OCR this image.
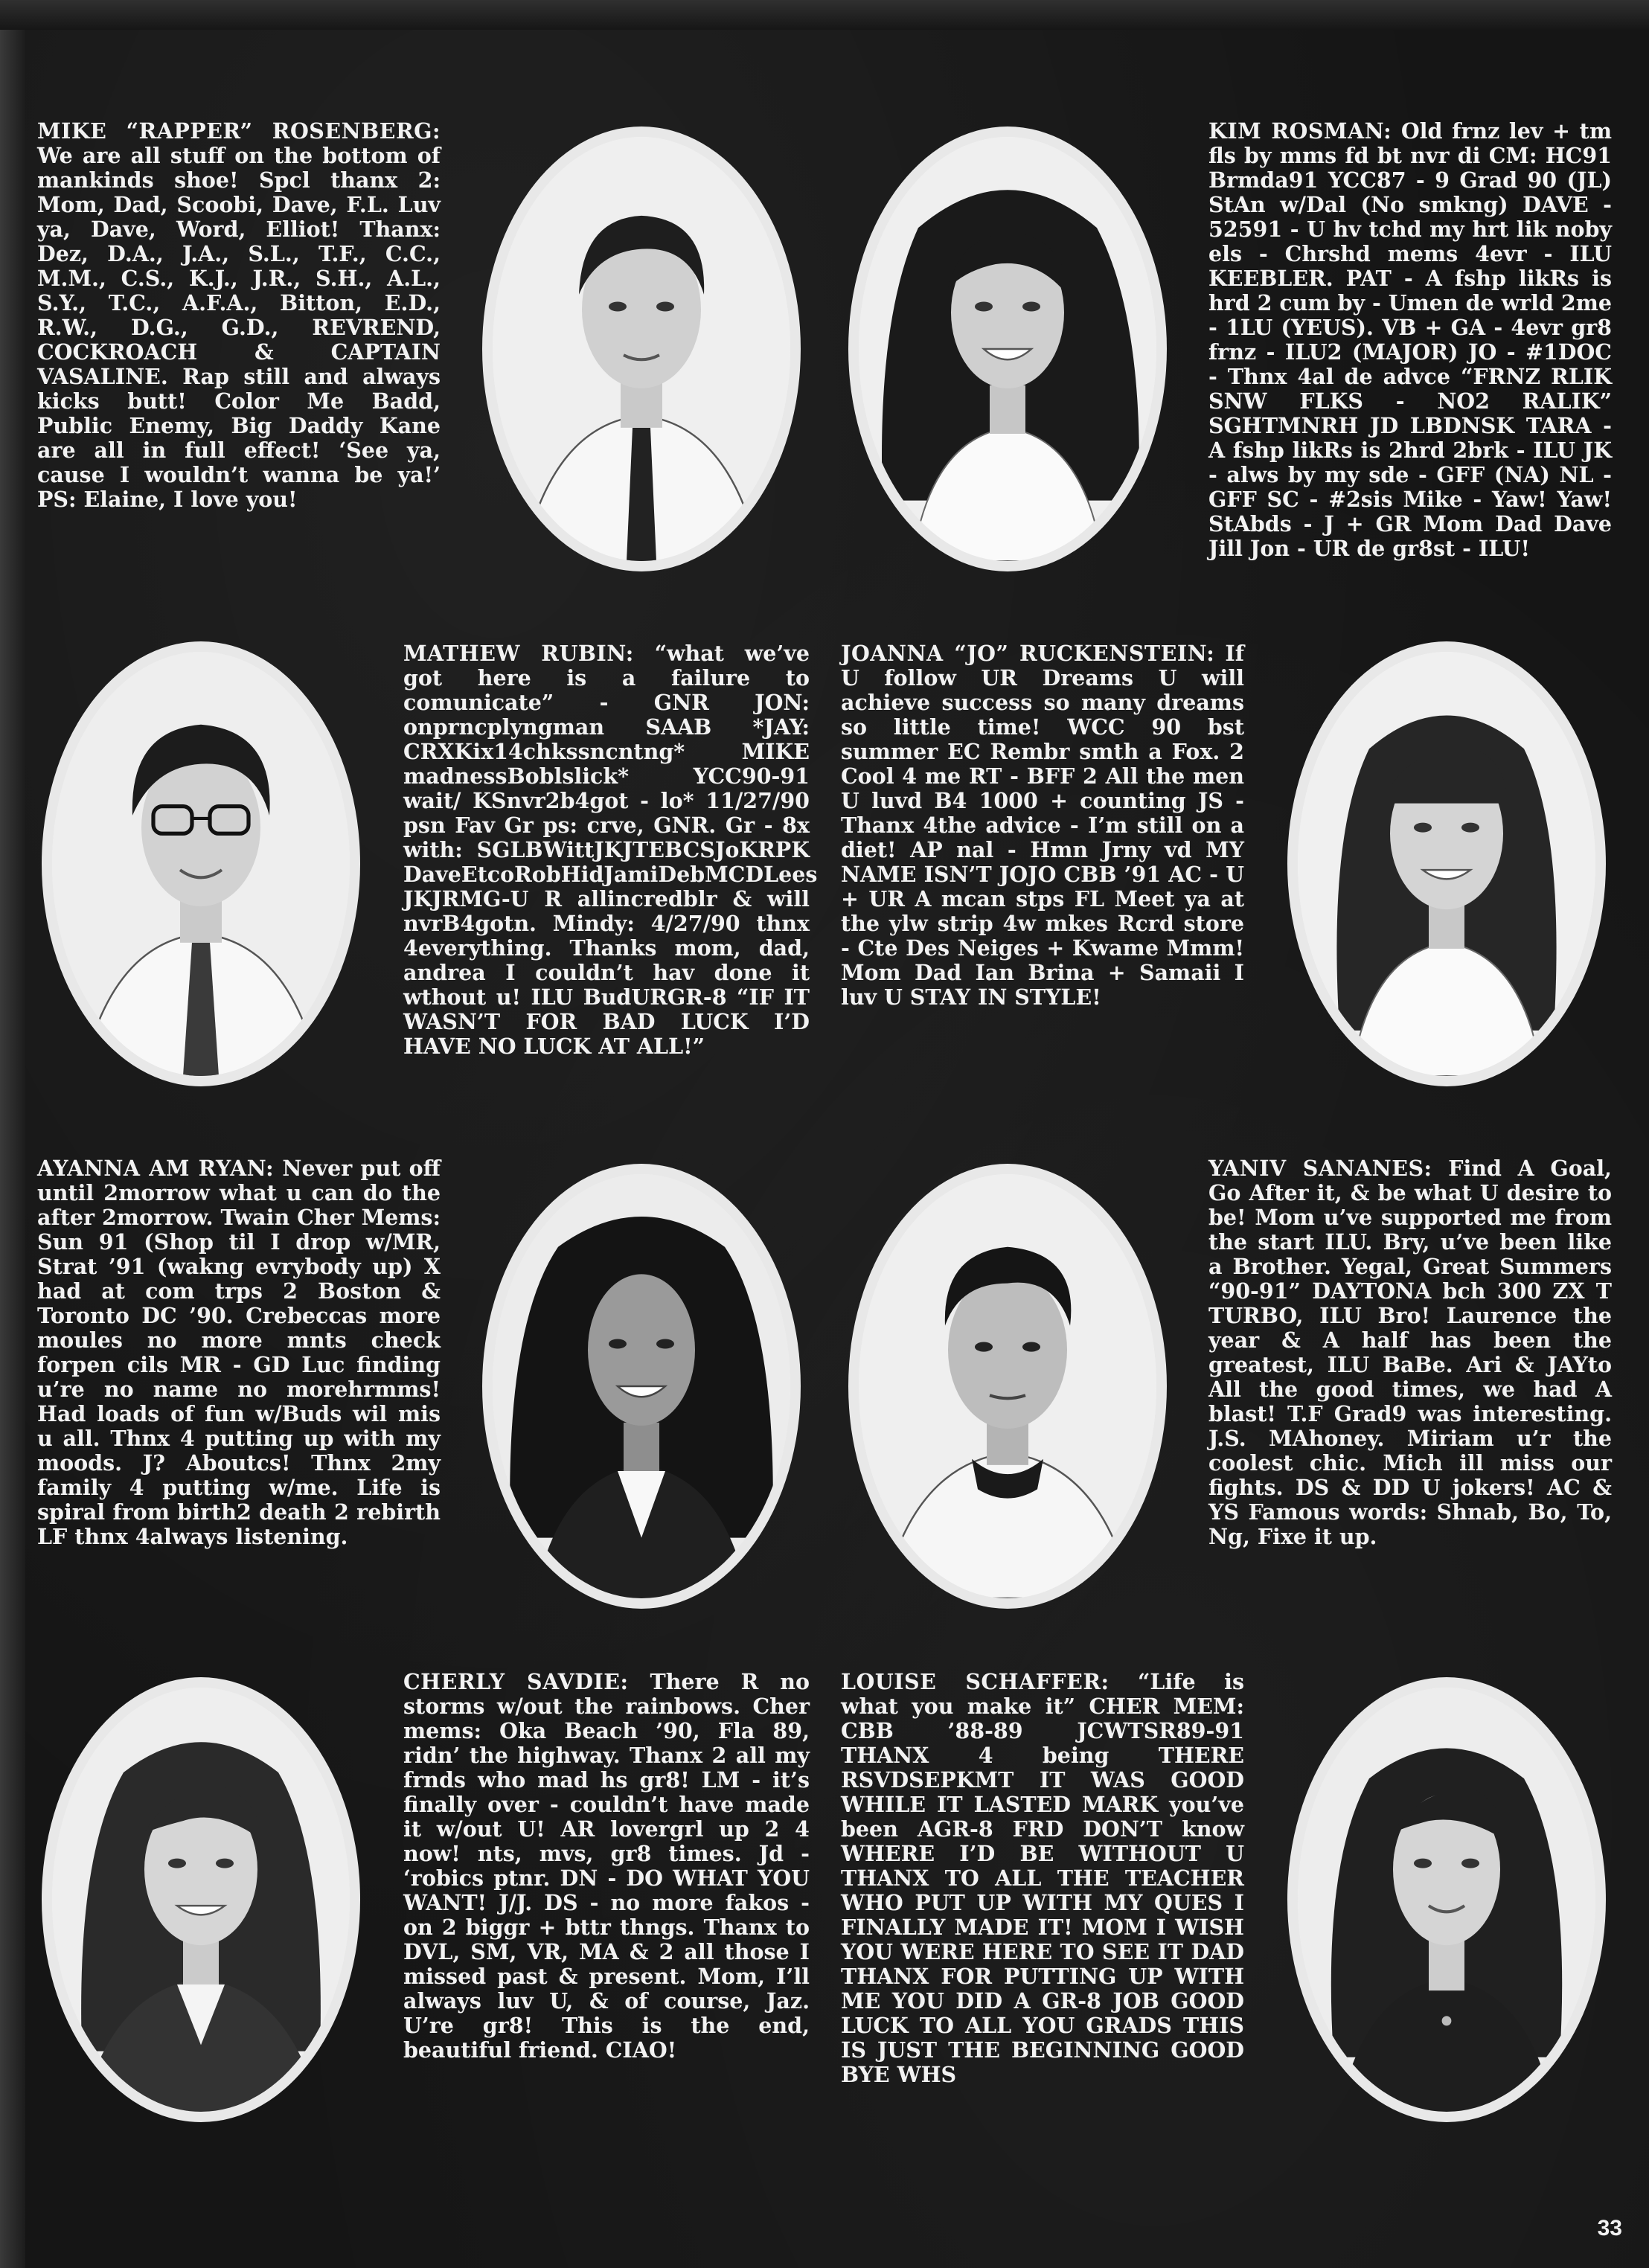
MIKE “RAPPER” ROSENBERG: We are all stuff on the bottom of mankinds shoe! Spcl thanx 2: Mom, Dad, Scoobi, Dave, F.L. Luv ya, Dave, Word, Elliot! Thanx: Dez, D.A., J.A., S.L., T.F., C.C., M.M., C.S., K.J., J.R., S.H., A.L., S.Y., T.C., A.F.A., Bitton, E.D., R.W., D.G., G.D., REVREND, COCKROACH & CAPTAIN VASALINE. Rap still and always kicks butt! Color Me Badd, Public Enemy, Big Daddy Kane are all in full effect! ‘See ya, cause I wouldn’t wanna be ya!’ PS: Elaine, I love you!

KIM ROSMAN: Old frnz lev + tm fls by mms fd bt nvr di CM: HC91 Brmda91 YCC87 - 9 Grad 90 (JL) StAn w/Dal (No smkng) DAVE - 52591 - U hv tchd my hrt lik noby els - Chrshd mems 4evr - ILU KEEBLER. PAT - A fshp likRs is hrd 2 cum by - Umen de wrld 2me - 1LU (YEUS). VB + GA - 4evr gr8 frnz - ILU2 (MAJOR) JO - #1DOC - Thnx 4al de advce “FRNZ RLIK SNW FLKS - NO2 RALIK” SGHTMNRH JD LBDNSK TARA - A fshp likRs is 2hrd 2brk - ILU JK - alws by my sde - GFF (NA) NL - GFF SC - #2sis Mike - Yaw! Yaw! StAbds - J + GR Mom Dad Dave Jill Jon - UR de gr8st - ILU!

MATHEW RUBIN: “what we’ve got here is a failure to comunicate” - GNR JON: onprncplyngman SAAB *JAY: CRXKix14chkssncntng* MIKE madnessBoblslick* YCC90-91 wait/ KSnvr2b4got - lo* 11/27/90 psn Fav Gr ps: crve, GNR. Gr - 8x with: SGLBWittJKJTEBCSJoKRPK DaveEtcoRobHidJamiDebMCDLees JKJRMG-U R allincredblr & will nvrB4gotn. Mindy: 4/27/90 thnx 4everything. Thanks mom, dad, andrea I couldn’t hav done it wthout u! ILU BudURGR-8 “IF IT WASN’T FOR BAD LUCK I’D HAVE NO LUCK AT ALL!”

JOANNA “JO” RUCKENSTEIN: If U follow UR Dreams U will achieve success so many dreams so little time! WCC 90 bst summer EC Rembr smth a Fox. 2 Cool 4 me RT - BFF 2 All the men U luvd B4 1000 + counting JS - Thanx 4the advice - I’m still on a diet! AP nal - Hmn Jrny vd MY NAME ISN’T JOJO CBB ’91 AC - U + UR A mcan stps FL Meet ya at the ylw strip 4w mkes Rcrd store - Cte Des Neiges + Kwame Mmm! Mom Dad Ian Brina + Samaii I luv U STAY IN STYLE!

AYANNA AM RYAN: Never put off until 2morrow what u can do the after 2morrow. Twain Cher Mems: Sun 91 (Shop til I drop w/MR, Strat ’91 (wakng evrybody up) X had at com trps 2 Boston & Toronto DC ’90. Crebeccas more moules no more mnts check forpen cils MR - GD Luc finding u’re no name no morehrmms! Had loads of fun w/Buds wil mis u all. Thnx 4 putting up with my moods. J? Aboutcs! Thnx 2my family 4 putting w/me. Life is spiral from birth2 death 2 rebirth LF thnx 4always listening.

YANIV SANANES: Find A Goal, Go After it, & be what U desire to be! Mom u’ve supported me from the start ILU. Bry, u’ve been like a Brother. Yegal, Great Summers “90-91” DAYTONA bch 300 ZX T TURBO, ILU Bro! Laurence the year & A half has been the greatest, ILU BaBe. Ari & JAYto All the good times, we had A blast! T.F Grad9 was interesting. J.S. MAhoney. Miriam u’r the coolest chic. Mich ill miss our fights. DS & DD U jokers! AC & YS Famous words: Shnab, Bo, To, Ng, Fixe it up.

CHERLY SAVDIE: There R no storms w/out the rainbows. Cher mems: Oka Beach ’90, Fla 89, ridn’ the highway. Thanx 2 all my frnds who mad hs gr8! LM - it’s finally over - couldn’t have made it w/out U! AR lovergrl up 2 4 now! nts, mvs, gr8 times. Jd - ‘robics ptnr. DN - DO WHAT YOU WANT! J/J. DS - no more fakos - on 2 biggr + bttr thngs. Thanx to DVL, SM, VR, MA & 2 all those I missed past & present. Mom, I’ll always luv U, & of course, Jaz. U’re gr8! This is the end, beautiful friend. CIAO!

LOUISE SCHAFFER: “Life is what you make it” CHER MEM: CBB ’88-89 JCWTSR89-91 THANX 4 being THERE RSVDSEPKMT IT WAS GOOD WHILE IT LASTED MARK you’ve been AGR-8 FRD DON’T know WHERE I’D BE WITHOUT U THANX TO ALL THE TEACHER WHO PUT UP WITH MY QUES I FINALLY MADE IT! MOM I WISH YOU WERE HERE TO SEE IT DAD THANX FOR PUTTING UP WITH ME YOU DID A GR-8 JOB GOOD LUCK TO ALL YOU GRADS THIS IS JUST THE BEGINNING GOOD BYE WHS

33
